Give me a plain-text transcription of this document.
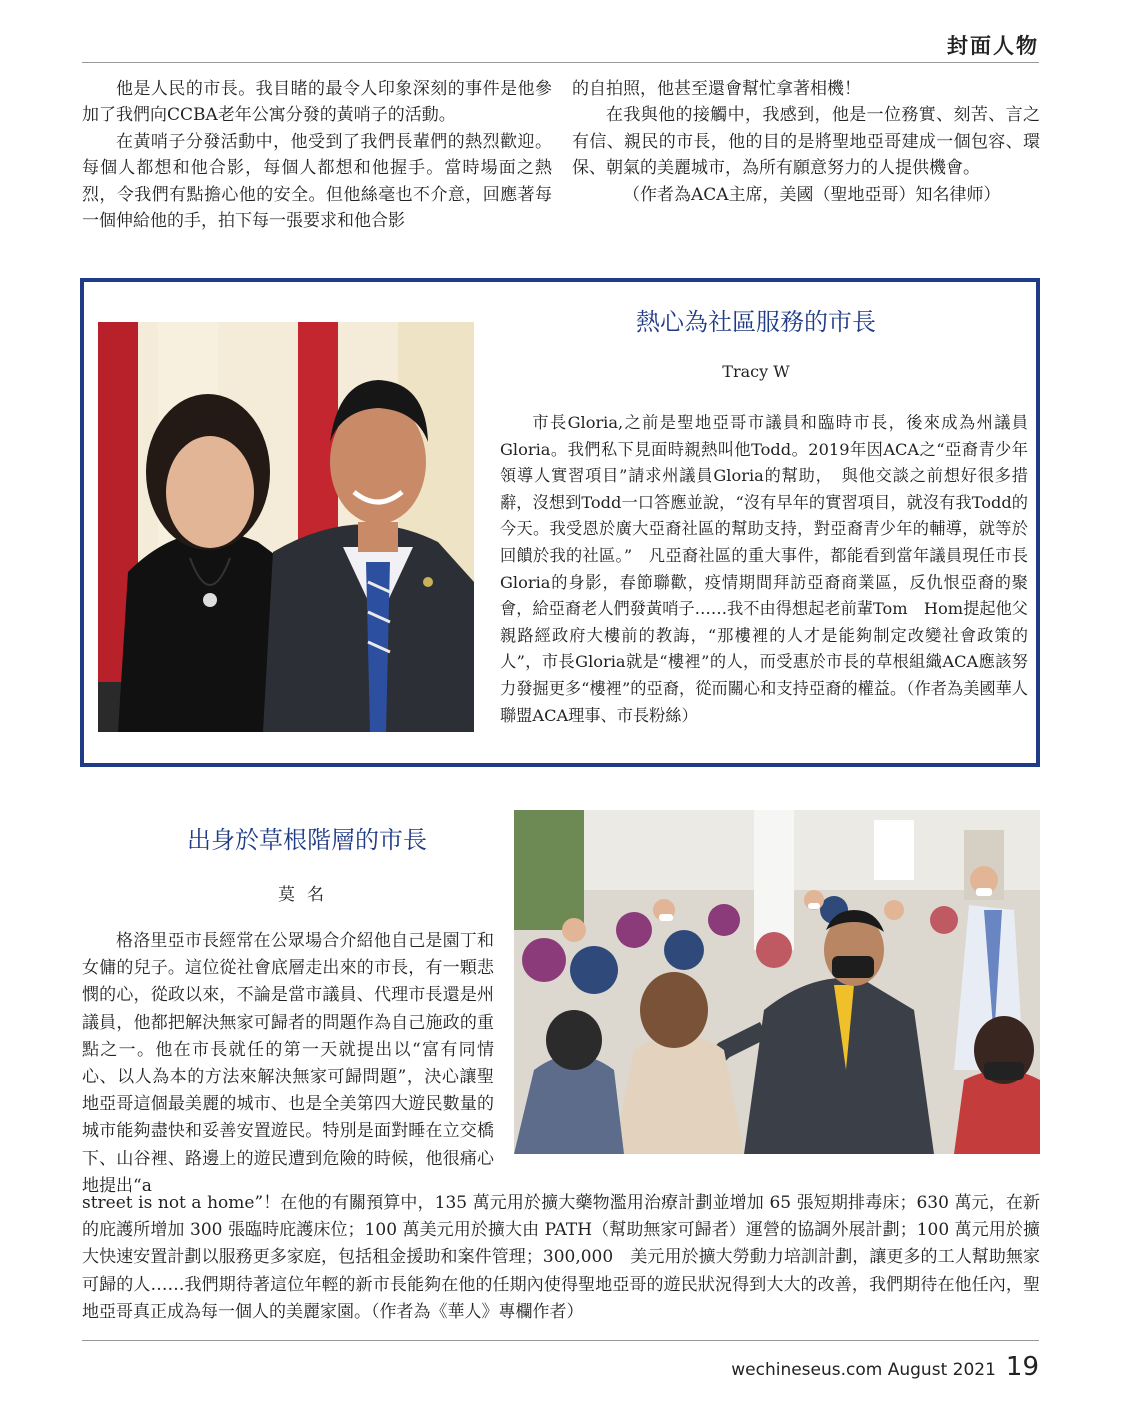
封面人物

他是人民的市長。我目睹的最令人印象深刻的事件是他參加了我們向CCBA老年公寓分發的黃哨子的活動。

在黃哨子分發活動中，他受到了我們長輩們的熱烈歡迎。每個人都想和他合影，每個人都想和他握手。當時場面之熱烈，令我們有點擔心他的安全。但他絲毫也不介意，回應著每一個伸給他的手，拍下每一張要求和他合影

的自拍照，他甚至還會幫忙拿著相機！

在我與他的接觸中，我感到，他是一位務實、刻苦、言之有信、親民的市長，他的目的是將聖地亞哥建成一個包容、環保、朝氣的美麗城市，為所有願意努力的人提供機會。

（作者為ACA主席，美國（聖地亞哥）知名律师）

熱心為社區服務的市長
Tracy W

市長Gloria,之前是聖地亞哥市議員和臨時市長，後來成為州議員Gloria。我們私下見面時親熱叫他Todd。2019年因ACA之“亞裔青少年領導人實習項目”請求州議員Gloria的幫助，　與他交談之前想好很多措辭，沒想到Todd一口答應並說，“沒有早年的實習項目，就沒有我Todd的今天。我受恩於廣大亞裔社區的幫助支持，對亞裔青少年的輔導，就等於回饋於我的社區。”　凡亞裔社區的重大事件，都能看到當年議員現任市長Gloria的身影，春節聯歡，疫情期間拜訪亞裔商業區，反仇恨亞裔的聚會，給亞裔老人們發黃哨子……我不由得想起老前輩Tom　Hom提起他父親路經政府大樓前的教誨，“那樓裡的人才是能夠制定改變社會政策的人”，市長Gloria就是“樓裡”的人，而受惠於市長的草根組織ACA應該努力發掘更多“樓裡”的亞裔，從而關心和支持亞裔的權益。（作者為美國華人聯盟ACA理事、市長粉絲）

出身於草根階層的市長
莫名

格洛里亞市長經常在公眾場合介紹他自己是園丁和女傭的兒子。這位從社會底層走出來的市長，有一顆悲憫的心，從政以來，不論是當市議員、代理市長還是州議員，他都把解決無家可歸者的問題作為自己施政的重點之一。他在市長就任的第一天就提出以“富有同情心、以人為本的方法來解決無家可歸問題”，決心讓聖地亞哥這個最美麗的城市、也是全美第四大遊民數量的城市能夠盡快和妥善安置遊民。特別是面對睡在立交橋下、山谷裡、路邊上的遊民遭到危險的時候，他很痛心地提出“a

street is not a home”！在他的有關預算中，135 萬元用於擴大藥物濫用治療計劃並增加 65 張短期排毒床；630 萬元，在新的庇護所增加 300 張臨時庇護床位；100 萬美元用於擴大由 PATH（幫助無家可歸者）運營的協調外展計劃；100 萬元用於擴大快速安置計劃以服務更多家庭，包括租金援助和案件管理；300,000　美元用於擴大勞動力培訓計劃，讓更多的工人幫助無家可歸的人……我們期待著這位年輕的新市長能夠在他的任期內使得聖地亞哥的遊民狀況得到大大的改善，我們期待在他任內，聖地亞哥真正成為每一個人的美麗家園。（作者為《華人》專欄作者）

wechineseus.com August 2021 19
